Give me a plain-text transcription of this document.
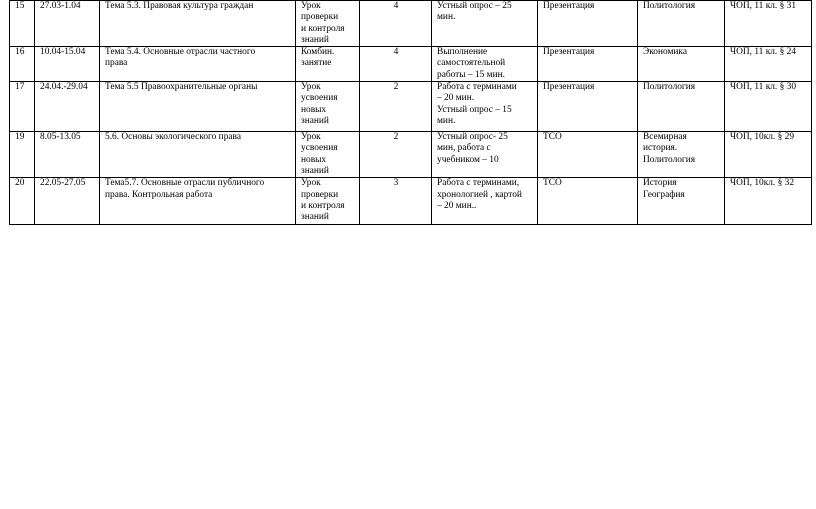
15	27.03-1.04	Тема 5.3. Правовая культура граждан	Урок проверки
и контроля
знаний	4	Устный опрос – 25
мин.	Презентация	Политология	ЧОП, 11 кл. § 31
16	10.04-15.04	Тема 5.4. Основные отрасли частного
права	Комбин.
занятие	4	Выполнение
самостоятельной
работы – 15 мин.	Презентация	Экономика	ЧОП, 11 кл. § 24
17	24.04.-29.04	Тема 5.5 Правоохранительные органы	Урок усвоения
новых знаний	2	Работа с терминами
– 20 мин.
Устный опрос – 15
мин.	Презентация	Политология	ЧОП, 11 кл. § 30
19	8.05-13.05	5.6. Основы экологического права	Урок усвоения
новых знаний	2	Устный опрос- 25
мин, работа с
учебником – 10	ТСО	Всемирная
история.
Политология	ЧОП, 10кл. § 29
20	22.05-27.05	Тема5.7. Основные отрасли публичного
права. Контрольная работа	Урок проверки
и контроля
знаний	3	Работа с терминами,
хронологией , картой
– 20 мин..	ТСО	История
География	ЧОП, 10кл. § 32
